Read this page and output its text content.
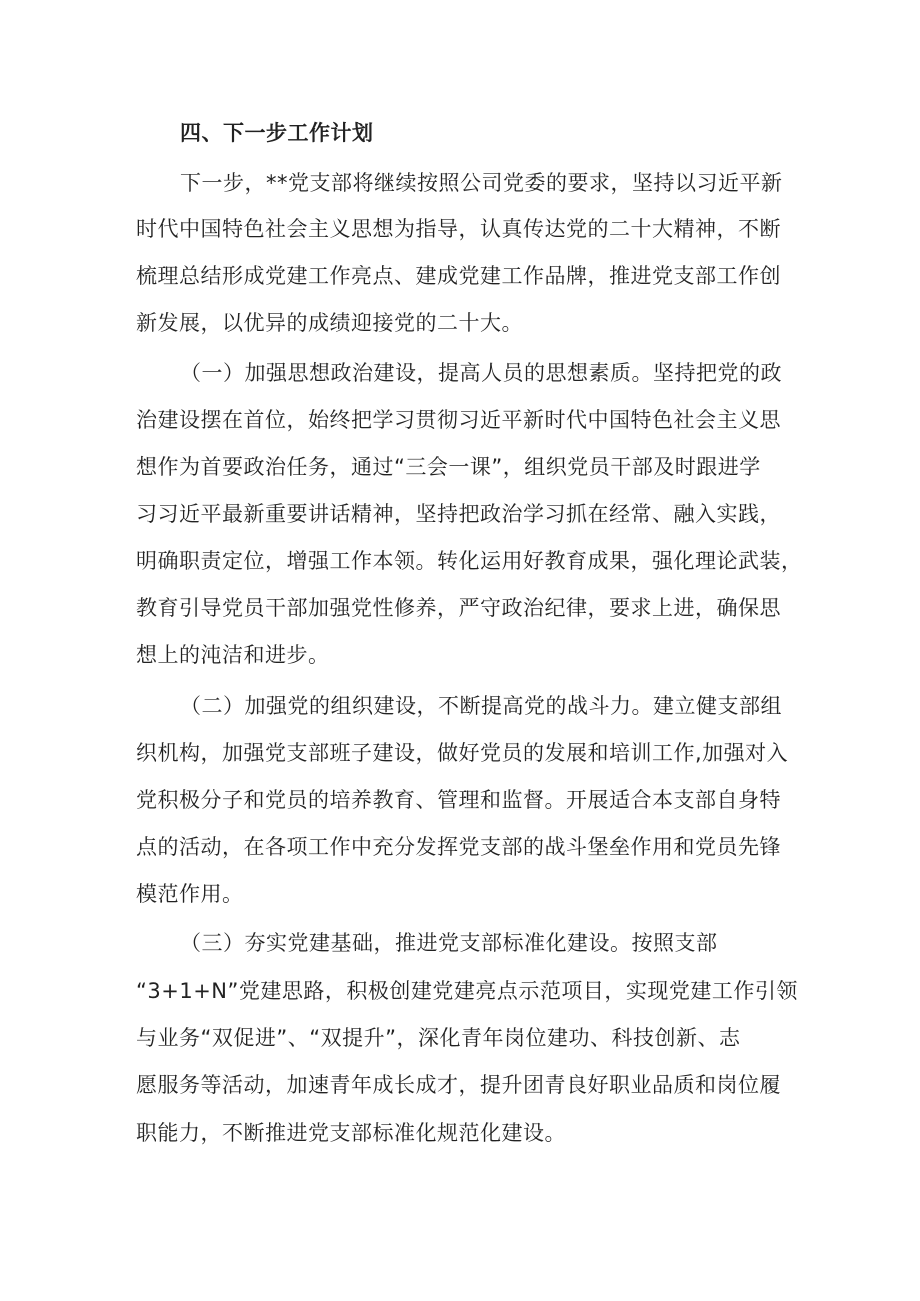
四、下一步工作计划
下一步，**党支部将继续按照公司党委的要求，坚持以习近平新
时代中国特色社会主义思想为指导，认真传达党的二十大精神，不断
梳理总结形成党建工作亮点、建成党建工作品牌，推进党支部工作创
新发展，以优异的成绩迎接党的二十大。
（一）加强思想政治建设，提高人员的思想素质。坚持把党的政
治建设摆在首位，始终把学习贯彻习近平新时代中国特色社会主义思
想作为首要政治任务，通过“三会一课”，组织党员干部及时跟进学
习习近平最新重要讲话精神，坚持把政治学习抓在经常、融入实践，
明确职责定位，增强工作本领。转化运用好教育成果，强化理论武装，
教育引导党员干部加强党性修养，严守政治纪律，要求上进，确保思
想上的沌洁和进步。
（二）加强党的组织建设，不断提高党的战斗力。建立健支部组
织机构，加强党支部班子建设，做好党员的发展和培训工作,加强对入
党积极分子和党员的培养教育、管理和监督。开展适合本支部自身特
点的活动，在各项工作中充分发挥党支部的战斗堡垒作用和党员先锋
模范作用。
（三）夯实党建基础，推进党支部标准化建设。按照支部
“3+1+N”党建思路，积极创建党建亮点示范项目，实现党建工作引领
与业务“双促进”、“双提升”，深化青年岗位建功、科技创新、志
愿服务等活动，加速青年成长成才，提升团青良好职业品质和岗位履
职能力，不断推进党支部标准化规范化建设。
